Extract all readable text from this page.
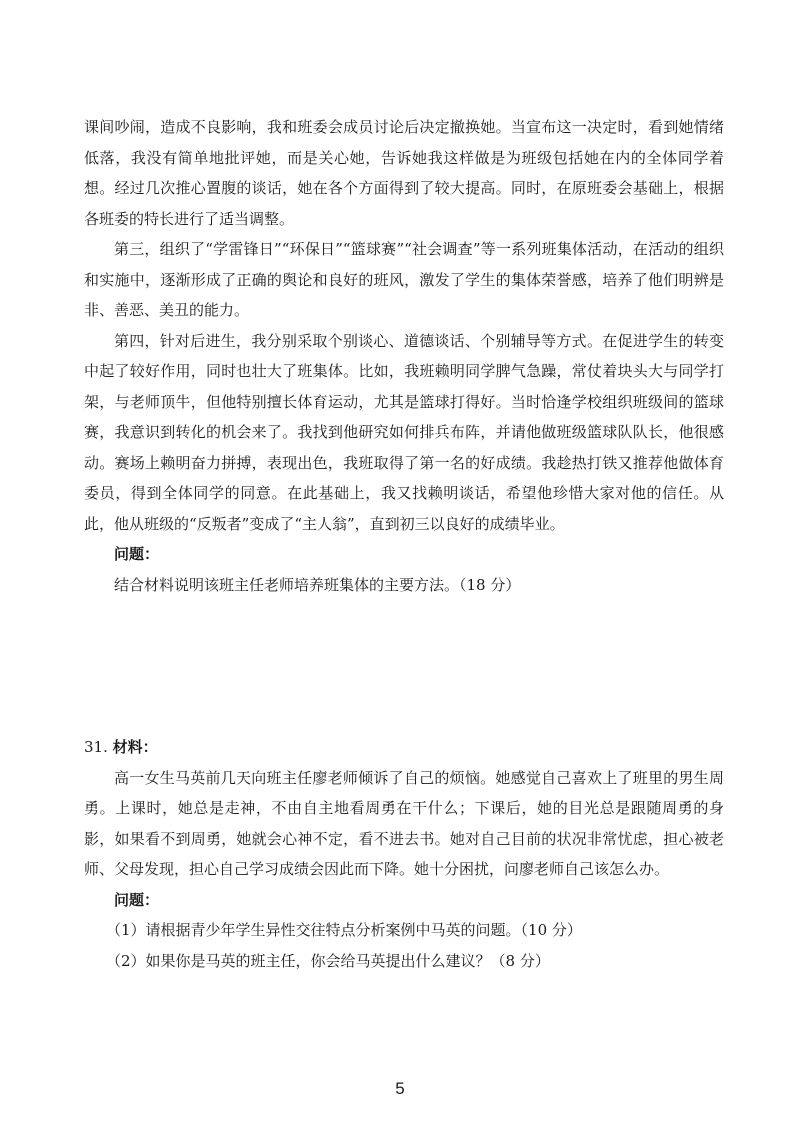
课间吵闹，造成不良影响，我和班委会成员讨论后决定撤换她。当宣布这一决定时，看到她情绪低落，我没有简单地批评她，而是关心她，告诉她我这样做是为班级包括她在内的全体同学着想。经过几次推心置腹的谈话，她在各个方面得到了较大提高。同时，在原班委会基础上，根据各班委的特长进行了适当调整。

第三，组织了“学雷锋日”“环保日”“篮球赛”“社会调查”等一系列班集体活动，在活动的组织和实施中，逐渐形成了正确的舆论和良好的班风，激发了学生的集体荣誉感，培养了他们明辨是非、善恶、美丑的能力。

第四，针对后进生，我分别采取个别谈心、道德谈话、个别辅导等方式。在促进学生的转变中起了较好作用，同时也壮大了班集体。比如，我班赖明同学脾气急躁，常仗着块头大与同学打架，与老师顶牛，但他特别擅长体育运动，尤其是篮球打得好。当时恰逢学校组织班级间的篮球赛，我意识到转化的机会来了。我找到他研究如何排兵布阵，并请他做班级篮球队队长，他很感动。赛场上赖明奋力拼搏，表现出色，我班取得了第一名的好成绩。我趁热打铁又推荐他做体育委员，得到全体同学的同意。在此基础上，我又找赖明谈话，希望他珍惜大家对他的信任。从此，他从班级的“反叛者”变成了“主人翁”，直到初三以良好的成绩毕业。

问题：

结合材料说明该班主任老师培养班集体的主要方法。（18 分）

31. 材料：

高一女生马英前几天向班主任廖老师倾诉了自己的烦恼。她感觉自己喜欢上了班里的男生周勇。上课时，她总是走神，不由自主地看周勇在干什么；下课后，她的目光总是跟随周勇的身影，如果看不到周勇，她就会心神不定，看不进去书。她对自己目前的状况非常忧虑，担心被老师、父母发现，担心自己学习成绩会因此而下降。她十分困扰，问廖老师自己该怎么办。

问题：

（1）请根据青少年学生异性交往特点分析案例中马英的问题。（10 分）

（2）如果你是马英的班主任，你会给马英提出什么建议？（8 分）

5
